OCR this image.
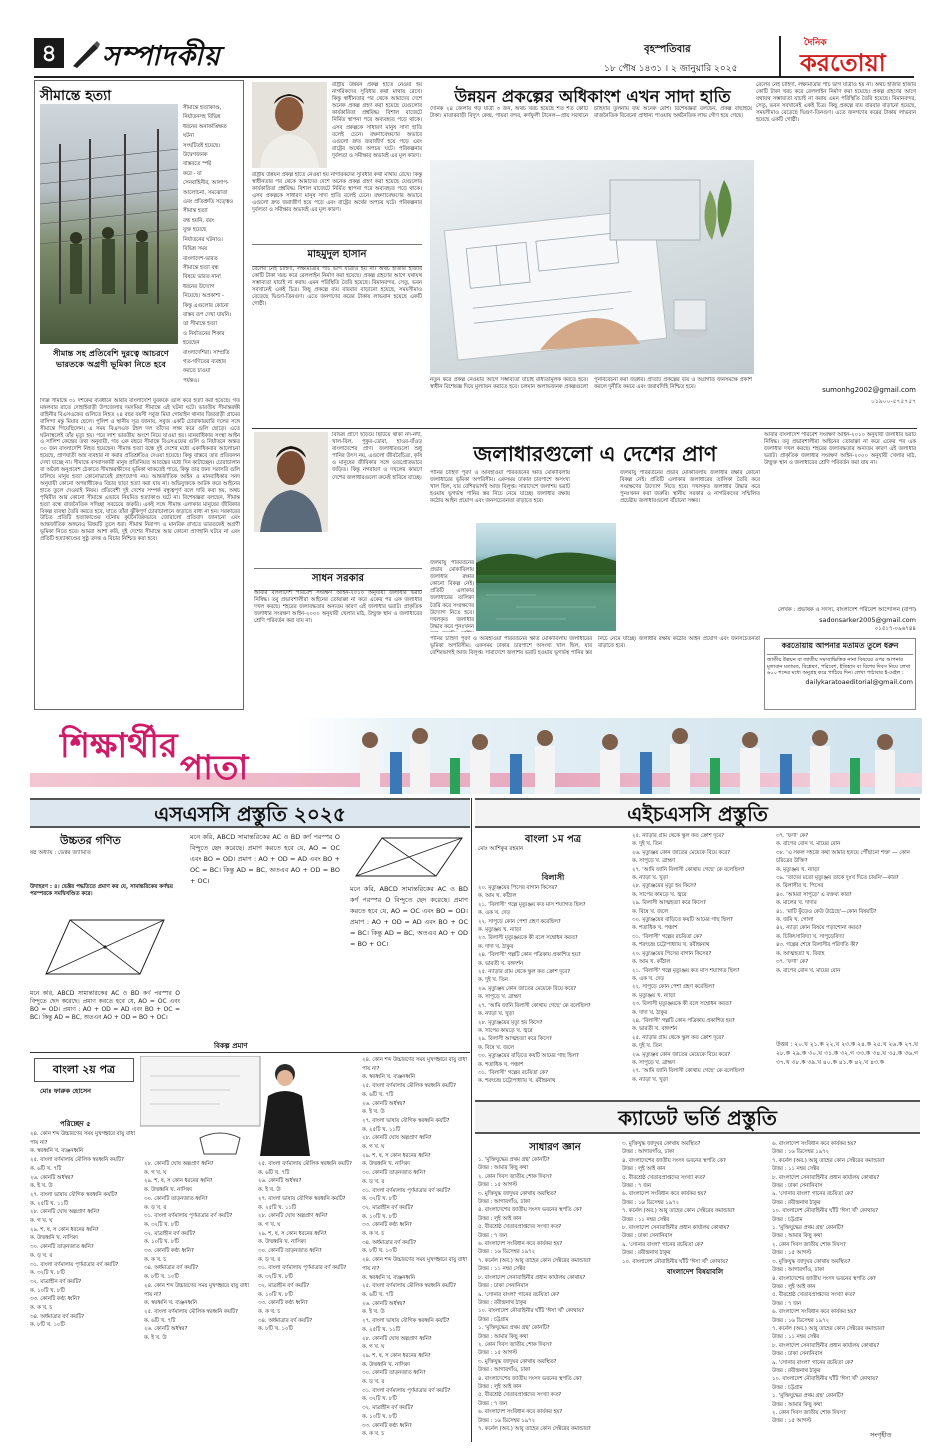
৪ সম্পাদকীয়	বৃহস্পতিবার
১৮ পৌষ ১৪৩১ । ২ জানুয়ারি ২০২৫
দৈনিক
করতোয়া
সীমান্তে হত্যা
সীমান্তে হত্যাকাণ্ড,
নির্যাতনসহ বিভিন্ন
ধরনের অনাকাঙ্ক্ষিত
ঘটনা
সংঘটিতই হয়েছে।
উদ্বেগজনক
বাস্তবতে স্পষ্ট
করে - যা
সেনবাহিনীর, আলাপ-
আলোচনা, সমঝোতা
এবং প্রতিশ্রুতি সত্ত্বেও
সীমান্ত হত্যা
বন্ধ হয়নি, বরং
যুক্ত হয়েছে
নির্যাতনের ঘটনাও।
বিভিন্ন সময়
বাংলাদেশ-ভারত
সীমান্তে হত্যা বন্ধ
বিষয়ে ভারত নানা
ধরনের উদ্যোগ
নিয়েছে। অপ্রকাশ্য -
কিন্তু এগুলোর কোনো
বাস্তব রূপ দেখা যায়নি।
তা সীমান্তে হত্যা
ও নির্যাতনের শিকার
হয়েছেন
বাংলাদেশিরা। সাম্প্রতি
গত-গণিতের ব্যবহার
করতে চাওয়া
পর্যন্তও।
সীমান্ত সহ প্রতিবেশি দুরত্বে আচরণে ভারতকে অগ্রণী ভূমিকা নিতে হবে
দিল্লি সীমান্তে ৩১ দশকের ব্যবধানে আবার বাংলাদেশি যুবককে গুলি করে হত্যা করা হয়েছে। গত মঙ্গলবার রাতে দোহাইবাড়ী উপজেলার দমদমিয়া সীমান্তে এই ঘটনা ঘটে। ভারতীয় সীমান্তরক্ষী বাহিনীর বিএসএফের গুলিতে নিহত ২৪ বছর বয়সী সবুজ মিয়া গোয়াইন থানার জিরবাড়ী গ্রামের বাসিন্দা মন্তু মিয়ার ছেলে। পুলিশ ও স্থানীয় সূত্র জানায়, সবুজ একটি চোরাকারবারি দলের সঙ্গে সীমান্তে গিয়েছিলেন। এ সময় বিএসএফ টহল দল তাঁদের লক্ষ্য করে গুলি ছোড়ে। এতে ঘটনাস্থলেই তাঁর মৃত্যু হয়। পরে লাশ ভারতীয় অংশে নিয়ে যাওয়া হয়। মানবাধিকার সংস্থা আইন ও সালিশ কেন্দ্রের তথ্য অনুযায়ী, গত এক বছরে সীমান্তে বিএসএফের গুলি ও নির্যাতনে অন্তত ৩০ জন বাংলাদেশি নিহত হয়েছেন। সীমান্ত হত্যা বন্ধে দুই দেশের মধ্যে একাধিকবার আলোচনা হয়েছে, প্রাণঘাতী অস্ত্র ব্যবহার না করার প্রতিশ্রুতিও দেওয়া হয়েছে। কিন্তু বাস্তবে তার প্রতিফলন দেখা যাচ্ছে না। সীমান্তে বসবাসকারী মানুষ প্রতিনিয়ত আতঙ্কের মধ্যে দিন কাটাচ্ছেন। চোরাচালান বা অবৈধ অনুপ্রবেশ ঠেকাতে সীমান্তরক্ষীদের ভূমিকা থাকতেই পারে, কিন্তু তার জন্য সরাসরি গুলি চালিয়ে মানুষ হত্যা কোনোভাবেই গ্রহণযোগ্য নয়। আন্তর্জাতিক আইন ও মানবাধিকার সনদ অনুযায়ী কোনো অপরাধীকেও বিচার ছাড়া হত্যা করা যায় না। অভিযুক্তকে আটক করে আইনের হাতে তুলে দেওয়াই নিয়ম। প্রতিবেশী দুই দেশের সম্পর্ক বন্ধুত্বপূর্ণ বলে দাবি করা হয়, অথচ পৃথিবীর আর কোনো সীমান্তে এভাবে নিয়মিত হত্যাকাণ্ড ঘটে না। বিশেষজ্ঞরা বলছেন, সীমান্ত হত্যা বন্ধে রাজনৈতিক সদিচ্ছা সবচেয়ে জরুরি। একই সঙ্গে সীমান্ত এলাকার মানুষের জীবিকার বিকল্প ব্যবস্থা তৈরি করতে হবে, যাতে তাঁরা ঝুঁকিপূর্ণ চোরাচালানে জড়াতে বাধ্য না হন। সরকারের উচিত প্রতিটি হত্যাকাণ্ডের ঘটনায় কূটনৈতিকভাবে জোরালো প্রতিবাদ জানানো এবং আন্তর্জাতিক অঙ্গনেও বিষয়টি তুলে ধরা। সীমান্ত নিরাপদ ও মানবিক রাখতে ভারতকেই অগ্রণী ভূমিকা নিতে হবে। আমরা আশা করি, দুই দেশের সীমান্তে আর কোনো প্রাণহানি ঘটবে না এবং প্রতিটি হত্যাকাণ্ডের সুষ্ঠু তদন্ত ও বিচার নিশ্চিত করা হবে।
রাষ্ট্রীয় উন্নয়ন প্রকল্প হাতে নেওয়া হয় নাগরিকদের সুবিধার কথা মাথায় রেখে। কিন্তু স্বাধীনতার পর থেকে আমাদের দেশে অনেক প্রকল্প গ্রহণ করা হয়েছে যেগুলোর কার্যকারিতা প্রশ্নবিদ্ধ। বিশাল বাজেটে নির্মিত স্থাপনা পরে অব্যবহৃত পড়ে থাকে। এসব প্রকল্পকে সাধারণ মানুষ সাদা হাতি বলেই চেনে। রক্ষণাবেক্ষণের অভাবে এগুলো দ্রুত জরাজীর্ণ হয়ে পড়ে এবং রাষ্ট্রের অর্থের অপচয় ঘটে। পরিকল্পনার দুর্বলতা ও সমীক্ষার অভাবই এর মূল কারণ।
রাষ্ট্রীয় উন্নয়ন প্রকল্প হাতে নেওয়া হয় নাগরিকদের সুবিধার কথা মাথায় রেখে। কিন্তু স্বাধীনতার পর থেকে আমাদের দেশে অনেক প্রকল্প গ্রহণ করা হয়েছে যেগুলোর কার্যকারিতা প্রশ্নবিদ্ধ। বিশাল বাজেটে নির্মিত স্থাপনা পরে অব্যবহৃত পড়ে থাকে। এসব প্রকল্পকে সাধারণ মানুষ সাদা হাতি বলেই চেনে। রক্ষণাবেক্ষণের অভাবে এগুলো দ্রুত জরাজীর্ণ হয়ে পড়ে এবং রাষ্ট্রের অর্থের অপচয় ঘটে। পরিকল্পনার দুর্বলতা ও সমীক্ষার অভাবই এর মূল কারণ।
মাহমুদুল হাসান
রেলের নেই চাহিদা, লক্ষ্যমাত্রার পাঁচ ভাগ যাত্রীও হয় না। অথচ হাজার হাজার কোটি টাকা খরচ করে রেললাইন নির্মাণ করা হয়েছে। প্রকল্প গ্রহণের আগে যথাযথ সম্ভাব্যতা যাচাই না করায় এমন পরিস্থিতি তৈরি হয়েছে। বিমানবন্দর, সেতু, ভবন সবখানেই একই চিত্র। কিছু প্রকল্পে ব্যয় বারবার বাড়ানো হয়েছে, সময়সীমাও বেড়েছে দ্বিগুণ-তিনগুণ। এতে জনগণের করের টাকায় লাভবান হয়েছে একটি গোষ্ঠী।
উন্নয়ন প্রকল্পের অধিকাংশ এখন সাদা হাতি
দৈনিক ২৪ জেলায় গড় যাত্রী ৩ জন, অথচ খরচ হয়েছে শত শত কোটি টাকা। মাতারবাড়ী বিদ্যুৎ কেন্দ্র, পায়রা বন্দর, কর্ণফুলী টানেল—প্রায় সবখানে চাহিদার তুলনায় ব্যয় অনেক বেশি। বিশেষজ্ঞরা বলছেন, প্রকল্প বাছাইয়ে রাজনৈতিক বিবেচনা প্রাধান্য পাওয়ায় অর্থনৈতিক লাভ গৌণ হয়ে গেছে।
নতুন করে প্রকল্প নেওয়ার আগে সম্ভাব্যতা যাচাই বাধ্যতামূলক করতে হবে। স্বাধীন বিশেষজ্ঞ দিয়ে মূল্যায়ন করাতে হবে। চলমান অলাভজনক প্রকল্পগুলো পুনর্বিবেচনা করা জরুরি। প্রতিটি প্রকল্পের ব্যয় ও অগ্রগতি জনসমক্ষে প্রকাশ করলে দুর্নীতি কমবে এবং জবাবদিহি নিশ্চিত হবে।
রেলের নেই চাহিদা, লক্ষ্যমাত্রার পাঁচ ভাগ যাত্রীও হয় না। অথচ হাজার হাজার কোটি টাকা খরচ করে রেললাইন নির্মাণ করা হয়েছে। প্রকল্প গ্রহণের আগে যথাযথ সম্ভাব্যতা যাচাই না করায় এমন পরিস্থিতি তৈরি হয়েছে। বিমানবন্দর, সেতু, ভবন সবখানেই একই চিত্র। কিছু প্রকল্পে ব্যয় বারবার বাড়ানো হয়েছে, সময়সীমাও বেড়েছে দ্বিগুণ-তিনগুণ। এতে জনগণের করের টাকায় লাভবান হয়েছে একটি গোষ্ঠী।
sumonhg2002@gmail.com
০১৯০০-৫৭৫৭৫৭
বিভিন্ন প্রাণে ছড়িয়ে ছিটিয়ে থাকা নদ-নদী, খাল-বিল, পুকুর-ডোবা, হাওর-বাঁওড় বাংলাদেশের প্রাণ। জলাধারগুলো শুধু পানির উৎস নয়, এগুলো জীববৈচিত্র্য, কৃষি ও মানুষের জীবিকার সঙ্গে ওতপ্রোতভাবে জড়িত। কিন্তু নগরায়ণ ও দখলের কারণে দেশের জলাধারগুলো ক্রমেই হারিয়ে যাচ্ছে।
সাধন সরকার
আবার বাংলাদেশ পরিবেশ সংরক্ষণ আইন-২০১০ অনুযায়ী জলাধার ভরাট নিষিদ্ধ। তবু প্রভাবশালীরা আইনের তোয়াক্কা না করে একের পর এক জলাধার দখল করছে। শহরের জলাবদ্ধতার অন্যতম কারণ এই জলাধার ভরাট। প্রাকৃতিক জলাধার সংরক্ষণ আইন-২০০০ অনুযায়ী খেলার মাঠ, উন্মুক্ত স্থান ও জলাধারের শ্রেণি পরিবর্তন করা যায় না।
জলাধারগুলো এ দেশের প্রাণ
পানির চাহিদা পূরণ ও আবহাওয়া পরিবর্তনের ক্ষতি মোকাবিলায় জলাধারের ভূমিকা অপরিসীম। একসময় ঢাকার চারপাশে অসংখ্য খাল ছিল, যার বেশিরভাগই আজ বিলুপ্ত। সারাদেশে জলাশয় ভরাট হওয়ায় ভূগর্ভস্থ পানির স্তর নিচে নেমে যাচ্ছে। জলাধার রক্ষায় কঠোর আইন প্রয়োগ এবং জনসচেতনতা বাড়াতে হবে।
জলবায়ু পরিবর্তনের প্রভাব মোকাবিলায় জলাধার রক্ষার কোনো বিকল্প নেই। প্রতিটি এলাকার জলাধারের তালিকা তৈরি করে সংরক্ষণের উদ্যোগ নিতে হবে। দখলকৃত জলাধার উদ্ধার করে পুনঃখনন
জলবায়ু পরিবর্তনের প্রভাব মোকাবিলায় জলাধার রক্ষার কোনো বিকল্প নেই। প্রতিটি এলাকার জলাধারের তালিকা তৈরি করে সংরক্ষণের উদ্যোগ নিতে হবে। দখলকৃত জলাধার উদ্ধার করে পুনঃখনন করা জরুরি। স্থানীয় সরকার ও নাগরিকদের সম্মিলিত প্রচেষ্টায় জলাধারগুলো বাঁচানো সম্ভব।
পানির চাহিদা পূরণ ও আবহাওয়া পরিবর্তনের ক্ষতি মোকাবিলায় জলাধারের ভূমিকা অপরিসীম। একসময় ঢাকার চারপাশে অসংখ্য খাল ছিল, যার বেশিরভাগই আজ বিলুপ্ত। সারাদেশে জলাশয় ভরাট হওয়ায় ভূগর্ভস্থ পানির স্তর নিচে নেমে যাচ্ছে। জলাধার রক্ষায় কঠোর আইন প্রয়োগ এবং জনসচেতনতা বাড়াতে হবে।
আবার বাংলাদেশ পরিবেশ সংরক্ষণ আইন-২০১০ অনুযায়ী জলাধার ভরাট নিষিদ্ধ। তবু প্রভাবশালীরা আইনের তোয়াক্কা না করে একের পর এক জলাধার দখল করছে। শহরের জলাবদ্ধতার অন্যতম কারণ এই জলাধার ভরাট। প্রাকৃতিক জলাধার সংরক্ষণ আইন-২০০০ অনুযায়ী খেলার মাঠ, উন্মুক্ত স্থান ও জলাধারের শ্রেণি পরিবর্তন করা যায় না।
লেখক : প্রভাষক ও সদস্য, বাংলাদেশ পরিবেশ আন্দোলন (বাপা)
sadonsarker2005@gmail.com
০১৫১৭-০৯৬৭৪৪
করতোয়ায় আপনার মতামত তুলে ধরুন
জাতীয় উন্নয়ন বা জাতীয় সমস্যাভিত্তিক নানা বিষয়ের ওপর আপনার মূল্যবান মতামত, বিশ্লেষণ, পরিবেশ, ইতিহাস বা বিশেষ দিবস নিয়ে লেখা ৬০০ শব্দের মধ্যে অনুগ্রহ করে পাঠিয়ে দিন। লেখা পাঠাবার ই-মেইল :
dailykaratoaeditorial@gmail.com
শিক্ষার্থীর
পাতা
এসএসসি প্রস্তুতি ২০২৫
উচ্চতর গণিত
ষষ্ঠ অধ্যায় : ভেক্টর জ্যামিতি
উদাহরণ : ৪। ভেক্টর পদ্ধতিতে প্রমাণ কর যে, সামান্তরিকের কর্ণদ্বয় পরস্পরকে সমদ্বিখণ্ডিত করে।
মনে করি, ABCD সামান্তরিকের AC ও BD কর্ণ পরস্পর O বিন্দুতে ছেদ করেছে। প্রমাণ করতে হবে যে, AO = OC এবং BO = OD। প্রমাণ : AO + OD = AD এবং BO + OC = BC। কিন্তু AD = BC, অতএব AO + OD = BO + OC।
মনে করি, ABCD সামান্তরিকের AC ও BD কর্ণ পরস্পর O বিন্দুতে ছেদ করেছে। প্রমাণ করতে হবে যে, AO = OC এবং BO = OD। প্রমাণ : AO + OD = AD এবং BO + OC = BC। কিন্তু AD = BC, অতএব AO + OD = BO + OC।
মনে করি, ABCD সামান্তরিকের AC ও BD কর্ণ পরস্পর O বিন্দুতে ছেদ করেছে। প্রমাণ করতে হবে যে, AO = OC এবং BO = OD। প্রমাণ : AO + OD = AD এবং BO + OC = BC। কিন্তু AD = BC, অতএব AO + OD = BO + OC।
বিকল্প প্রমাণ
বাংলা ২য় পত্র
মোঃ ফারুক হোসেন
পরিচ্ছেদ ৫
২৪. কোন শব্দ উচ্চারণের সময় মুখগহ্বরে বায়ু বাধা পায় না?
ক. স্বরধ্বনি খ. ব্যঞ্জনধ্বনি
২৫. বাংলা বর্ণমালায় মৌলিক স্বরধ্বনি কয়টি?
ক. ৬টি খ. ৭টি
২৬. কোনটি অর্ধস্বর?
ক. ই খ. উ
২৭. বাংলা ভাষায় যৌগিক স্বরধ্বনি কয়টি?
ক. ২৫টি খ. ১১টি
২৮. কোনটি ঘোষ অল্পপ্রাণ ধ্বনি?
ক. গ খ. ঘ
২৯. শ, ষ, স কোন ধরনের ধ্বনি?
ক. উষ্মধ্বনি খ. নাসিক্য
৩০. কোনটি তাড়নজাত ধ্বনি?
ক. ড় খ. র
৩১. বাংলা বর্ণমালায় পূর্ণমাত্রার বর্ণ কয়টি?
ক. ৩২টি খ. ৮টি
৩২. মাত্রাহীন বর্ণ কয়টি?
ক. ১০টি খ. ৮টি
৩৩. কোনটি কণ্ঠ্য ধ্বনি?
ক. ক খ. চ
৩৪. অর্ধমাত্রার বর্ণ কয়টি?
ক. ৮টি খ. ১০টি
২৮. কোনটি ঘোষ অল্পপ্রাণ ধ্বনি?
ক. গ খ. ঘ
২৯. শ, ষ, স কোন ধরনের ধ্বনি?
ক. উষ্মধ্বনি খ. নাসিক্য
৩০. কোনটি তাড়নজাত ধ্বনি?
ক. ড় খ. র
৩১. বাংলা বর্ণমালায় পূর্ণমাত্রার বর্ণ কয়টি?
ক. ৩২টি খ. ৮টি
৩২. মাত্রাহীন বর্ণ কয়টি?
ক. ১০টি খ. ৮টি
৩৩. কোনটি কণ্ঠ্য ধ্বনি?
ক. ক খ. চ
৩৪. অর্ধমাত্রার বর্ণ কয়টি?
ক. ৮টি খ. ১০টি
২৪. কোন শব্দ উচ্চারণের সময় মুখগহ্বরে বায়ু বাধা পায় না?
ক. স্বরধ্বনি খ. ব্যঞ্জনধ্বনি
২৫. বাংলা বর্ণমালায় মৌলিক স্বরধ্বনি কয়টি?
ক. ৬টি খ. ৭টি
২৬. কোনটি অর্ধস্বর?
ক. ই খ. উ
২৫. বাংলা বর্ণমালায় মৌলিক স্বরধ্বনি কয়টি?
ক. ৬টি খ. ৭টি
২৬. কোনটি অর্ধস্বর?
ক. ই খ. উ
২৭. বাংলা ভাষায় যৌগিক স্বরধ্বনি কয়টি?
ক. ২৫টি খ. ১১টি
২৮. কোনটি ঘোষ অল্পপ্রাণ ধ্বনি?
ক. গ খ. ঘ
২৯. শ, ষ, স কোন ধরনের ধ্বনি?
ক. উষ্মধ্বনি খ. নাসিক্য
৩০. কোনটি তাড়নজাত ধ্বনি?
ক. ড় খ. র
৩১. বাংলা বর্ণমালায় পূর্ণমাত্রার বর্ণ কয়টি?
ক. ৩২টি খ. ৮টি
৩২. মাত্রাহীন বর্ণ কয়টি?
ক. ১০টি খ. ৮টি
৩৩. কোনটি কণ্ঠ্য ধ্বনি?
ক. ক খ. চ
৩৪. অর্ধমাত্রার বর্ণ কয়টি?
ক. ৮টি খ. ১০টি
২৪. কোন শব্দ উচ্চারণের সময় মুখগহ্বরে বায়ু বাধা পায় না?
ক. স্বরধ্বনি খ. ব্যঞ্জনধ্বনি
২৫. বাংলা বর্ণমালায় মৌলিক স্বরধ্বনি কয়টি?
ক. ৬টি খ. ৭টি
২৬. কোনটি অর্ধস্বর?
ক. ই খ. উ
২৭. বাংলা ভাষায় যৌগিক স্বরধ্বনি কয়টি?
ক. ২৫টি খ. ১১টি
২৮. কোনটি ঘোষ অল্পপ্রাণ ধ্বনি?
ক. গ খ. ঘ
২৯. শ, ষ, স কোন ধরনের ধ্বনি?
ক. উষ্মধ্বনি খ. নাসিক্য
৩০. কোনটি তাড়নজাত ধ্বনি?
ক. ড় খ. র
৩১. বাংলা বর্ণমালায় পূর্ণমাত্রার বর্ণ কয়টি?
ক. ৩২টি খ. ৮টি
৩২. মাত্রাহীন বর্ণ কয়টি?
ক. ১০টি খ. ৮টি
৩৩. কোনটি কণ্ঠ্য ধ্বনি?
ক. ক খ. চ
৩৪. অর্ধমাত্রার বর্ণ কয়টি?
ক. ৮টি খ. ১০টি
২৪. কোন শব্দ উচ্চারণের সময় মুখগহ্বরে বায়ু বাধা পায় না?
ক. স্বরধ্বনি খ. ব্যঞ্জনধ্বনি
২৫. বাংলা বর্ণমালায় মৌলিক স্বরধ্বনি কয়টি?
ক. ৬টি খ. ৭টি
২৬. কোনটি অর্ধস্বর?
ক. ই খ. উ
২৭. বাংলা ভাষায় যৌগিক স্বরধ্বনি কয়টি?
ক. ২৫টি খ. ১১টি
২৮. কোনটি ঘোষ অল্পপ্রাণ ধ্বনি?
ক. গ খ. ঘ
২৯. শ, ষ, স কোন ধরনের ধ্বনি?
ক. উষ্মধ্বনি খ. নাসিক্য
৩০. কোনটি তাড়নজাত ধ্বনি?
ক. ড় খ. র
৩১. বাংলা বর্ণমালায় পূর্ণমাত্রার বর্ণ কয়টি?
ক. ৩২টি খ. ৮টি
৩২. মাত্রাহীন বর্ণ কয়টি?
ক. ১০টি খ. ৮টি
৩৩. কোনটি কণ্ঠ্য ধ্বনি?
ক. ক খ. চ
এইচএসসি প্রস্তুতি
বাংলা ১ম পত্র
মোঃ আশিকুর রহমান
বিলাসী
২০. মৃত্যুঞ্জয়ের পিসের বাগান কিসের?
ক. আম খ. কাঁঠাল
২১. 'বিলাসী' গল্পে মৃত্যুঞ্জয় কত মাস শয্যাগত ছিল?
ক. এক খ. দেড়
২২. সাপুড়ে কোন পেশা গ্রহণ করেছিল?
ক. মৃত্যুঞ্জয় খ. ন্যাড়া
২৩. বিলাসী মৃত্যুঞ্জয়কে কী বলে সম্বোধন করত?
ক. দাদা খ. ঠাকুর
২৪. 'বিলাসী' গল্পটি কোন পত্রিকায় প্রকাশিত হয়?
ক. ভারতী খ. বঙ্গদর্শন
২৫. ন্যাড়ার গ্রাম থেকে স্কুল কত ক্রোশ দূরে?
ক. দুই খ. তিন
২৬. মৃত্যুঞ্জয় কোন জাতের মেয়েকে বিয়ে করে?
ক. সাপুড়ে খ. ব্রাহ্মণ
২৭. 'আমি জানি বিলাসী কোথায় গেছে' কে বলেছিল?
ক. ন্যাড়া খ. খুড়া
২৮. মৃত্যুঞ্জয়ের মৃত্যু হয় কিসে?
ক. সাপের কামড়ে খ. জ্বরে
২৯. বিলাসী আত্মহত্যা করে কিসে?
ক. বিষে খ. জলে
৩০. মৃত্যুঞ্জয়ের বাড়িতে কয়টি আমের গাছ ছিল?
ক. শতাধিক খ. পঞ্চাশ
৩১. 'বিলাসী' গল্পের রচয়িতা কে?
ক. শরৎচন্দ্র চট্টোপাধ্যায় খ. রবীন্দ্রনাথ
২৫. ন্যাড়ার গ্রাম থেকে স্কুল কত ক্রোশ দূরে?
ক. দুই খ. তিন
২৬. মৃত্যুঞ্জয় কোন জাতের মেয়েকে বিয়ে করে?
ক. সাপুড়ে খ. ব্রাহ্মণ
২৭. 'আমি জানি বিলাসী কোথায় গেছে' কে বলেছিল?
ক. ন্যাড়া খ. খুড়া
২৮. মৃত্যুঞ্জয়ের মৃত্যু হয় কিসে?
ক. সাপের কামড়ে খ. জ্বরে
২৯. বিলাসী আত্মহত্যা করে কিসে?
ক. বিষে খ. জলে
৩০. মৃত্যুঞ্জয়ের বাড়িতে কয়টি আমের গাছ ছিল?
ক. শতাধিক খ. পঞ্চাশ
৩১. 'বিলাসী' গল্পের রচয়িতা কে?
ক. শরৎচন্দ্র চট্টোপাধ্যায় খ. রবীন্দ্রনাথ
২০. মৃত্যুঞ্জয়ের পিসের বাগান কিসের?
ক. আম খ. কাঁঠাল
২১. 'বিলাসী' গল্পে মৃত্যুঞ্জয় কত মাস শয্যাগত ছিল?
ক. এক খ. দেড়
২২. সাপুড়ে কোন পেশা গ্রহণ করেছিল?
ক. মৃত্যুঞ্জয় খ. ন্যাড়া
২৩. বিলাসী মৃত্যুঞ্জয়কে কী বলে সম্বোধন করত?
ক. দাদা খ. ঠাকুর
২৪. 'বিলাসী' গল্পটি কোন পত্রিকায় প্রকাশিত হয়?
ক. ভারতী খ. বঙ্গদর্শন
২৫. ন্যাড়ার গ্রাম থেকে স্কুল কত ক্রোশ দূরে?
ক. দুই খ. তিন
২৬. মৃত্যুঞ্জয় কোন জাতের মেয়েকে বিয়ে করে?
ক. সাপুড়ে খ. ব্রাহ্মণ
২৭. 'আমি জানি বিলাসী কোথায় গেছে' কে বলেছিল?
ক. ন্যাড়া খ. খুড়া
৩৭. 'ফণা' কে?
ক. বাপের বোন খ. মায়ের বোন
৩৮. 'এ সকল সহজে কথা আমার হৃদয়ে পৌঁছানো শক্ত' — কোন চরিত্রের উক্তি?
ক. মৃত্যুঞ্জয় খ. ন্যাড়া
৩৯. 'তাদের মতো মৃত্যুঞ্জয় তাকে দুঃখ দিতে চায়নি'—কার?
ক. বিলাসীর খ. পিসের
৪০. 'আমরা সাপুড়ে' এ বক্তব্য কার?
ক. মালের খ. দাদার
৪১. 'মাটি ফুঁড়েও কেউ উঠেছে'—কোন বিষয়টি?
ক. জমি খ. গোলা
৪২. ন্যাড়া কোন বিষয়ে পড়াশোনা করত?
ক. চিকিৎসাবিদ্যা খ. সাপুড়েবিদ্যা
৪৩. গল্পের শেষে বিলাসীর পরিণতি কী?
ক. আত্মহত্যা খ. বিবাহ
৩৭. 'ফণা' কে?
ক. বাপের বোন খ. মায়ের বোন
উত্তর : ২০.খ ২১.ক ২২.খ ২৩.ক ২৪.ক ২৫.খ ২৬.ক ২৭.খ ২৮.ক ২৯.ক ৩০.খ ৩১.ক ৩২.গ ৩৩.ক ৩৪.খ ৩৫.ক ৩৬.গ ৩৭.খ ৩৮.ক ৩৯.খ ৪০.ক ৪১.ক ৪২.খ ৪৩.ক
ক্যাডেট ভর্তি প্রস্তুতি
সাধারণ জ্ঞান
১. 'মুক্তিযুদ্ধের প্রথম গ্রন্থ' কোনটি?
উত্তর : আমার কিছু কথা
২. কোন দিবস জাতীয় শোক দিবস?
উত্তর : ১৫ আগস্ট
৩. মুক্তিযুদ্ধ জাদুঘর কোথায় অবস্থিত?
উত্তর : আগারগাঁও, ঢাকা
৪. বাংলাদেশের জাতীয় সংসদ ভবনের স্থপতি কে?
উত্তর : লুই আই কান
৫. বীরশ্রেষ্ঠ খেতাবপ্রাপ্তদের সংখ্যা কত?
উত্তর : ৭ জন
৬. বাংলাদেশ সংবিধান কবে কার্যকর হয়?
উত্তর : ১৬ ডিসেম্বর ১৯৭২
৭. কর্নেল (অব.) আবু তাহের কোন সেক্টরের কমান্ডার?
উত্তর : ১১ নম্বর সেক্টর
৮. বাংলাদেশ সেনাবাহিনীর প্রধান কার্যালয় কোথায়?
উত্তর : ঢাকা সেনানিবাস
৯. 'সোনার বাংলা' গানের রচয়িতা কে?
উত্তর : রবীন্দ্রনাথ ঠাকুর
১০. বাংলাদেশ নৌবাহিনীর ঘাঁটি 'ঈসা খাঁ' কোথায়?
উত্তর : চট্টগ্রাম
১. 'মুক্তিযুদ্ধের প্রথম গ্রন্থ' কোনটি?
উত্তর : আমার কিছু কথা
২. কোন দিবস জাতীয় শোক দিবস?
উত্তর : ১৫ আগস্ট
৩. মুক্তিযুদ্ধ জাদুঘর কোথায় অবস্থিত?
উত্তর : আগারগাঁও, ঢাকা
৪. বাংলাদেশের জাতীয় সংসদ ভবনের স্থপতি কে?
উত্তর : লুই আই কান
৫. বীরশ্রেষ্ঠ খেতাবপ্রাপ্তদের সংখ্যা কত?
উত্তর : ৭ জন
৬. বাংলাদেশ সংবিধান কবে কার্যকর হয়?
উত্তর : ১৬ ডিসেম্বর ১৯৭২
৭. কর্নেল (অব.) আবু তাহের কোন সেক্টরের কমান্ডার?
বাংলাদেশ বিষয়াবলি
৩. মুক্তিযুদ্ধ জাদুঘর কোথায় অবস্থিত?
উত্তর : আগারগাঁও, ঢাকা
৪. বাংলাদেশের জাতীয় সংসদ ভবনের স্থপতি কে?
উত্তর : লুই আই কান
৫. বীরশ্রেষ্ঠ খেতাবপ্রাপ্তদের সংখ্যা কত?
উত্তর : ৭ জন
৬. বাংলাদেশ সংবিধান কবে কার্যকর হয়?
উত্তর : ১৬ ডিসেম্বর ১৯৭২
৭. কর্নেল (অব.) আবু তাহের কোন সেক্টরের কমান্ডার?
উত্তর : ১১ নম্বর সেক্টর
৮. বাংলাদেশ সেনাবাহিনীর প্রধান কার্যালয় কোথায়?
উত্তর : ঢাকা সেনানিবাস
৯. 'সোনার বাংলা' গানের রচয়িতা কে?
উত্তর : রবীন্দ্রনাথ ঠাকুর
১০. বাংলাদেশ নৌবাহিনীর ঘাঁটি 'ঈসা খাঁ' কোথায়?
৬. বাংলাদেশ সংবিধান কবে কার্যকর হয়?
উত্তর : ১৬ ডিসেম্বর ১৯৭২
৭. কর্নেল (অব.) আবু তাহের কোন সেক্টরের কমান্ডার?
উত্তর : ১১ নম্বর সেক্টর
৮. বাংলাদেশ সেনাবাহিনীর প্রধান কার্যালয় কোথায়?
উত্তর : ঢাকা সেনানিবাস
৯. 'সোনার বাংলা' গানের রচয়িতা কে?
উত্তর : রবীন্দ্রনাথ ঠাকুর
১০. বাংলাদেশ নৌবাহিনীর ঘাঁটি 'ঈসা খাঁ' কোথায়?
উত্তর : চট্টগ্রাম
১. 'মুক্তিযুদ্ধের প্রথম গ্রন্থ' কোনটি?
উত্তর : আমার কিছু কথা
২. কোন দিবস জাতীয় শোক দিবস?
উত্তর : ১৫ আগস্ট
৩. মুক্তিযুদ্ধ জাদুঘর কোথায় অবস্থিত?
উত্তর : আগারগাঁও, ঢাকা
৪. বাংলাদেশের জাতীয় সংসদ ভবনের স্থপতি কে?
উত্তর : লুই আই কান
৫. বীরশ্রেষ্ঠ খেতাবপ্রাপ্তদের সংখ্যা কত?
উত্তর : ৭ জন
৬. বাংলাদেশ সংবিধান কবে কার্যকর হয়?
উত্তর : ১৬ ডিসেম্বর ১৯৭২
৭. কর্নেল (অব.) আবু তাহের কোন সেক্টরের কমান্ডার?
উত্তর : ১১ নম্বর সেক্টর
৮. বাংলাদেশ সেনাবাহিনীর প্রধান কার্যালয় কোথায়?
উত্তর : ঢাকা সেনানিবাস
৯. 'সোনার বাংলা' গানের রচয়িতা কে?
উত্তর : রবীন্দ্রনাথ ঠাকুর
১০. বাংলাদেশ নৌবাহিনীর ঘাঁটি 'ঈসা খাঁ' কোথায়?
উত্তর : চট্টগ্রাম
১. 'মুক্তিযুদ্ধের প্রথম গ্রন্থ' কোনটি?
উত্তর : আমার কিছু কথা
২. কোন দিবস জাতীয় শোক দিবস?
উত্তর : ১৫ আগস্ট
সংগৃহীত
